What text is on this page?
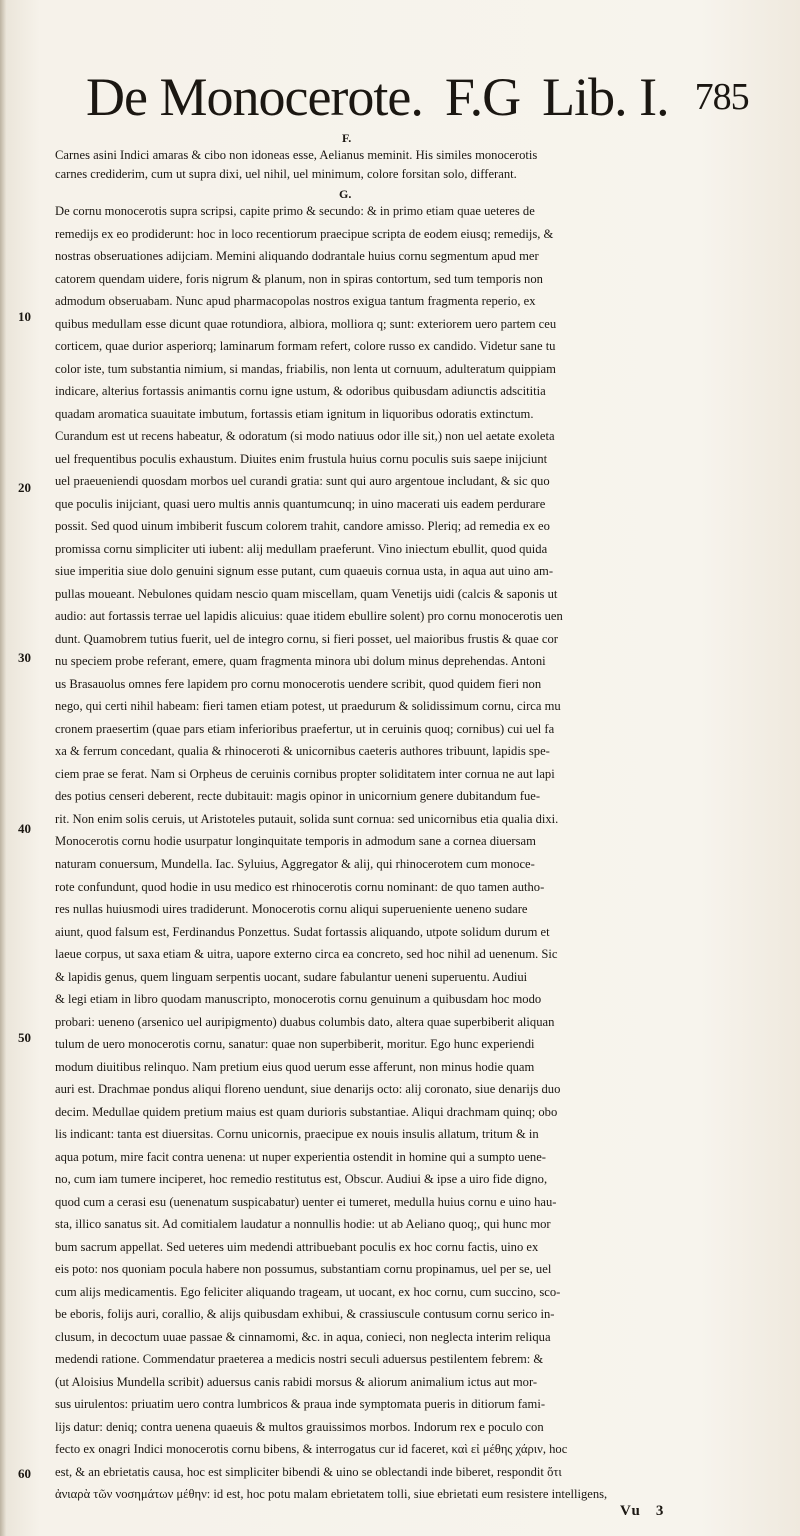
De Monocerote. F.G Lib. I. 785
F.
G.
10
20
30
40
50
60
Carnes asini Indici amaras & cibo non idoneas esse, Aelianus meminit. His similes monocerotis
carnes crediderim, cum ut supra dixi, uel nihil, uel minimum, colore forsitan solo, differant.
De cornu monocerotis supra scripsi, capite primo & secundo: & in primo etiam quae ueteres de
remedijs ex eo prodiderunt: hoc in loco recentiorum praecipue scripta de eodem eiusq; remedijs, &
nostras obseruationes adijciam. Memini aliquando dodrantale huius cornu segmentum apud mer
catorem quendam uidere, foris nigrum & planum, non in spiras contortum, sed tum temporis non
admodum obseruabam. Nunc apud pharmacopolas nostros exigua tantum fragmenta reperio, ex
quibus medullam esse dicunt quae rotundiora, albiora, molliora q; sunt: exteriorem uero partem ceu
corticem, quae durior asperiorq; laminarum formam refert, colore russo ex candido. Videtur sane tu
color iste, tum substantia nimium, si mandas, friabilis, non lenta ut cornuum, adulteratum quippiam
indicare, alterius fortassis animantis cornu igne ustum, & odoribus quibusdam adiunctis adscititia
quadam aromatica suauitate imbutum, fortassis etiam ignitum in liquoribus odoratis extinctum.
Curandum est ut recens habeatur, & odoratum (si modo natiuus odor ille sit,) non uel aetate exoleta
uel frequentibus poculis exhaustum. Diuites enim frustula huius cornu poculis suis saepe inijciunt
uel praeueniendi quosdam morbos uel curandi gratia: sunt qui auro argentoue includant, & sic quo
que poculis inijciant, quasi uero multis annis quantumcunq; in uino macerati uis eadem perdurare
possit. Sed quod uinum imbiberit fuscum colorem trahit, candore amisso. Pleriq; ad remedia ex eo
promissa cornu simpliciter uti iubent: alij medullam praeferunt. Vino iniectum ebullit, quod quida
siue imperitia siue dolo genuini signum esse putant, cum quaeuis cornua usta, in aqua aut uino am-
pullas moueant. Nebulones quidam nescio quam miscellam, quam Venetijs uidi (calcis & saponis ut
audio: aut fortassis terrae uel lapidis alicuius: quae itidem ebullire solent) pro cornu monocerotis uen
dunt. Quamobrem tutius fuerit, uel de integro cornu, si fieri posset, uel maioribus frustis & quae cor
nu speciem probe referant, emere, quam fragmenta minora ubi dolum minus deprehendas. Antoni
us Brasauolus omnes fere lapidem pro cornu monocerotis uendere scribit, quod quidem fieri non
nego, qui certi nihil habeam: fieri tamen etiam potest, ut praedurum & solidissimum cornu, circa mu
cronem praesertim (quae pars etiam inferioribus praefertur, ut in ceruinis quoq; cornibus) cui uel fa
xa & ferrum concedant, qualia & rhinoceroti & unicornibus caeteris authores tribuunt, lapidis spe-
ciem prae se ferat. Nam si Orpheus de ceruinis cornibus propter soliditatem inter cornua ne aut lapi
des potius censeri deberent, recte dubitauit: magis opinor in unicornium genere dubitandum fue-
rit. Non enim solis ceruis, ut Aristoteles putauit, solida sunt cornua: sed unicornibus etia qualia dixi.
Monocerotis cornu hodie usurpatur longinquitate temporis in admodum sane a cornea diuersam
naturam conuersum, Mundella. Iac. Syluius, Aggregator & alij, qui rhinocerotem cum monoce-
rote confundunt, quod hodie in usu medico est rhinocerotis cornu nominant: de quo tamen autho-
res nullas huiusmodi uires tradiderunt. Monocerotis cornu aliqui superueniente ueneno sudare
aiunt, quod falsum est, Ferdinandus Ponzettus. Sudat fortassis aliquando, utpote solidum durum et
laeue corpus, ut saxa etiam & uitra, uapore externo circa ea concreto, sed hoc nihil ad uenenum. Sic
& lapidis genus, quem linguam serpentis uocant, sudare fabulantur ueneni superuentu. Audiui
& legi etiam in libro quodam manuscripto, monocerotis cornu genuinum a quibusdam hoc modo
probari: ueneno (arsenico uel auripigmento) duabus columbis dato, altera quae superbiberit aliquan
tulum de uero monocerotis cornu, sanatur: quae non superbiberit, moritur. Ego hunc experiendi
modum diuitibus relinquo. Nam pretium eius quod uerum esse afferunt, non minus hodie quam
auri est. Drachmae pondus aliqui floreno uendunt, siue denarijs octo: alij coronato, siue denarijs duo
decim. Medullae quidem pretium maius est quam durioris substantiae. Aliqui drachmam quinq; obo
lis indicant: tanta est diuersitas. Cornu unicornis, praecipue ex nouis insulis allatum, tritum & in
aqua potum, mire facit contra uenena: ut nuper experientia ostendit in homine qui a sumpto uene-
no, cum iam tumere inciperet, hoc remedio restitutus est, Obscur. Audiui & ipse a uiro fide digno,
quod cum a cerasi esu (uenenatum suspicabatur) uenter ei tumeret, medulla huius cornu e uino hau-
sta, illico sanatus sit. Ad comitialem laudatur a nonnullis hodie: ut ab Aeliano quoq;, qui hunc mor
bum sacrum appellat. Sed ueteres uim medendi attribuebant poculis ex hoc cornu factis, uino ex
eis poto: nos quoniam pocula habere non possumus, substantiam cornu propinamus, uel per se, uel
cum alijs medicamentis. Ego feliciter aliquando trageam, ut uocant, ex hoc cornu, cum succino, sco-
be eboris, folijs auri, corallio, & alijs quibusdam exhibui, & crassiuscule contusum cornu serico in-
clusum, in decoctum uuae passae & cinnamomi, &c. in aqua, conieci, non neglecta interim reliqua
medendi ratione. Commendatur praeterea a medicis nostri seculi aduersus pestilentem febrem: &
(ut Aloisius Mundella scribit) aduersus canis rabidi morsus & aliorum animalium ictus aut mor-
sus uirulentos: priuatim uero contra lumbricos & praua inde symptomata pueris in ditiorum fami-
lijs datur: deniq; contra uenena quaeuis & multos grauissimos morbos. Indorum rex e poculo con
fecto ex onagri Indici monocerotis cornu bibens, & interrogatus cur id faceret, καὶ εἰ μέθης χάριν, hoc
est, & an ebrietatis causa, hoc est simpliciter bibendi & uino se oblectandi inde biberet, respondit ὅτι
ἀνιαρὰ τῶν νοσημάτων μέθην: id est, hoc potu malam ebrietatem tolli, siue ebrietati eum resistere intelligens,
Vu 3
